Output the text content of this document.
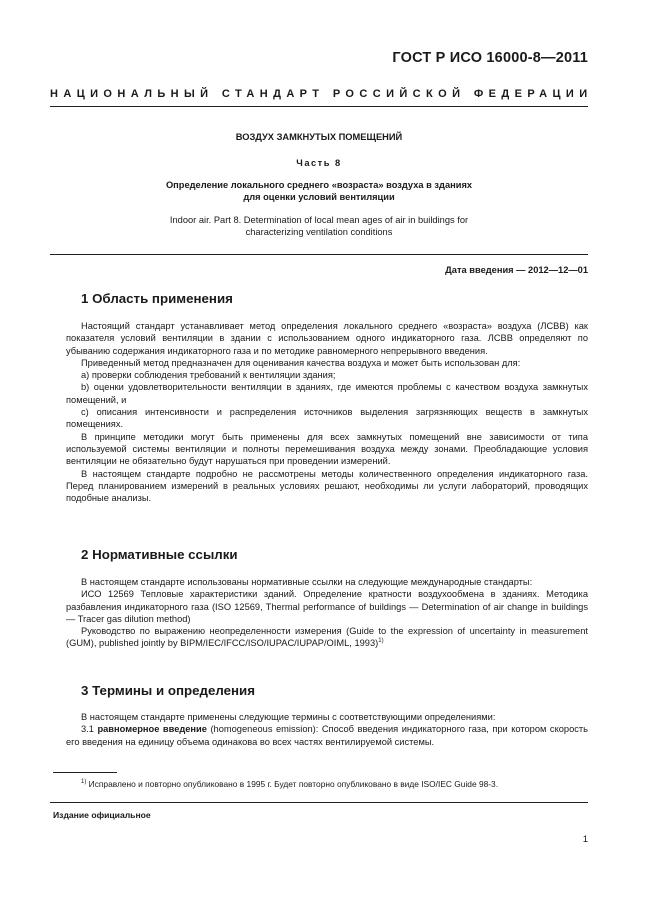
ГОСТ Р ИСО 16000-8—2011
НАЦИОНАЛЬНЫЙ СТАНДАРТ РОССИЙСКОЙ ФЕДЕРАЦИИ
ВОЗДУХ ЗАМКНУТЫХ ПОМЕЩЕНИЙ
Часть 8
Определение локального среднего «возраста» воздуха в зданиях
для оценки условий вентиляции
Indoor air. Part 8. Determination of local mean ages of air in buildings for
characterizing ventilation conditions
Дата введения — 2012—12—01
1 Область применения

Настоящий стандарт устанавливает метод определения локального среднего «возраста» воздуха (ЛСВВ) как показателя условий вентиляции в здании с использованием одного индикаторного газа. ЛСВВ определяют по убыванию содержания индикаторного газа и по методике равномерного непрерывного введения.

Приведенный метод предназначен для оценивания качества воздуха и может быть использован для:

а) проверки соблюдения требований к вентиляции здания;

b) оценки удовлетворительности вентиляции в зданиях, где имеются проблемы с качеством воздуха замкнутых помещений, и

с) описания интенсивности и распределения источников выделения загрязняющих веществ в замкнутых помещениях.

В принципе методики могут быть применены для всех замкнутых помещений вне зависимости от типа используемой системы вентиляции и полноты перемешивания воздуха между зонами. Преобладающие условия вентиляции не обязательно будут нарушаться при проведении измерений.

В настоящем стандарте подробно не рассмотрены методы количественного определения индикаторного газа. Перед планированием измерений в реальных условиях решают, необходимы ли услуги лабораторий, проводящих подобные анализы.

2 Нормативные ссылки

В настоящем стандарте использованы нормативные ссылки на следующие международные стандарты:

ИСО 12569 Тепловые характеристики зданий. Определение кратности воздухообмена в зданиях. Методика разбавления индикаторного газа (ISO 12569, Thermal performance of buildings — Determination of air change in buildings — Tracer gas dilution method)

Руководство по выражению неопределенности измерения (Guide to the expression of uncertainty in measurement (GUM), published jointly by BIPM/IEC/IFCC/ISO/IUPAC/IUPAP/OIML, 1993)$^{1)}$

3 Термины и определения

В настоящем стандарте применены следующие термины с соответствующими определениями:

3.1 равномерное введение (homogeneous emission): Способ введения индикаторного газа, при котором скорость его введения на единицу объема одинакова во всех частях вентилируемой системы.

$^{1)}$ Исправлено и повторно опубликовано в 1995 г. Будет повторно опубликовано в виде ISO/IEC Guide 98-3.
Издание официальное
1
